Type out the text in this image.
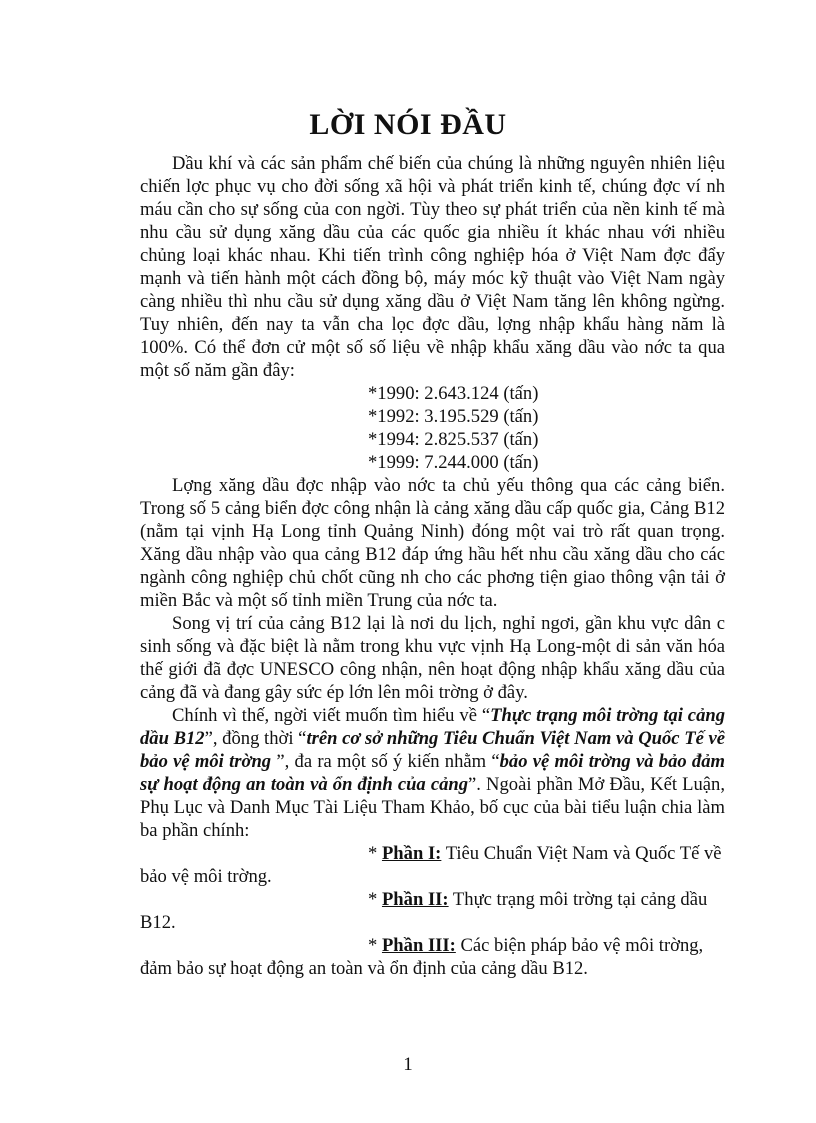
LỜI NÓI ĐẦU

Dầu khí và các sản phẩm chế biến của chúng là những nguyên nhiên liệu chiến lợc phục vụ cho đời sống xã hội và phát triển kinh tế, chúng đợc ví nh máu cần cho sự sống của con ngời. Tùy theo sự phát triển của nền kinh tế mà nhu cầu sử dụng xăng dầu của các quốc gia nhiều ít khác nhau với nhiều chủng loại khác nhau. Khi tiến trình công nghiệp hóa ở Việt Nam đợc đẩy mạnh và tiến hành một cách đồng bộ, máy móc kỹ thuật vào Việt Nam ngày càng nhiều thì nhu cầu sử dụng xăng dầu ở Việt Nam tăng lên không ngừng. Tuy nhiên, đến nay ta vẫn cha lọc đợc dầu, lợng nhập khẩu hàng năm là 100%. Có thể đơn cử một số số liệu về nhập khẩu xăng dầu vào nớc ta qua một số năm gần đây:

*1990: 2.643.124 (tấn)
*1992: 3.195.529 (tấn)
*1994: 2.825.537 (tấn)
*1999: 7.244.000 (tấn)

Lợng xăng dầu đợc nhập vào nớc ta chủ yếu thông qua các cảng biển. Trong số 5 cảng biển đợc công nhận là cảng xăng dầu cấp quốc gia, Cảng B12 (nằm tại vịnh Hạ Long tỉnh Quảng Ninh) đóng một vai trò rất quan trọng. Xăng dầu nhập vào qua cảng B12 đáp ứng hầu hết nhu cầu xăng dầu cho các ngành công nghiệp chủ chốt cũng nh cho các phơng tiện giao thông vận tải ở miền Bắc và một số tỉnh miền Trung của nớc ta.

Song vị trí của cảng B12 lại là nơi du lịch, nghỉ ngơi, gần khu vực dân c sinh sống và đặc biệt là nằm trong khu vực vịnh Hạ Long-một di sản văn hóa thế giới đã đợc UNESCO công nhận, nên hoạt động nhập khẩu xăng dầu của cảng đã và đang gây sức ép lớn lên môi trờng ở đây.

Chính vì thế, ngời viết muốn tìm hiểu về “Thực trạng môi trờng tại cảng dầu B12”, đồng thời “trên cơ sở những Tiêu Chuẩn Việt Nam và Quốc Tế về bảo vệ môi trờng ”, đa ra một số ý kiến nhằm “bảo vệ môi trờng và bảo đảm sự hoạt động an toàn và ổn định của cảng”. Ngoài phần Mở Đầu, Kết Luận, Phụ Lục và Danh Mục Tài Liệu Tham Khảo, bố cục của bài tiểu luận chia làm ba phần chính:

* Phần I: Tiêu Chuẩn Việt Nam và Quốc Tế về
bảo vệ môi trờng.
* Phần II: Thực trạng môi trờng tại cảng dầu
B12.
* Phần III: Các biện pháp bảo vệ môi trờng,
đảm bảo sự hoạt động an toàn và ổn định của cảng dầu B12.
1
